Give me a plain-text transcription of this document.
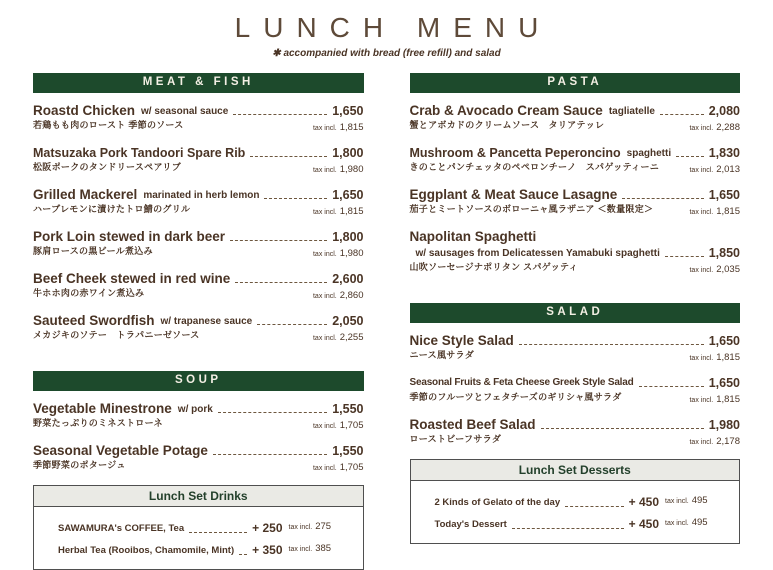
LUNCH MENU
✱ accompanied with bread (free refill) and salad
MEAT & FISH
Roastd Chicken w/ seasonal sauce	1,650
若鶏もも肉のロースト 季節のソース	tax incl. 1,815
Matsuzaka Pork Tandoori Spare Rib	1,800
松阪ポークのタンドリースペアリブ	tax incl. 1,980
Grilled Mackerel marinated in herb lemon	1,650
ハーブレモンに漬けたトロ鯖のグリル	tax incl. 1,815
Pork Loin stewed in dark beer	1,800
豚肩ロースの黒ビール煮込み	tax incl. 1,980
Beef Cheek stewed in red wine	2,600
牛ホホ肉の赤ワイン煮込み	tax incl. 2,860
Sauteed Swordfish w/ trapanese sauce	2,050
メカジキのソテー　トラパニーゼソース	tax incl. 2,255
SOUP
Vegetable Minestrone w/ pork	1,550
野菜たっぷりのミネストローネ	tax incl. 1,705
Seasonal Vegetable Potage	1,550
季節野菜のポタージュ	tax incl. 1,705
Lunch Set Drinks
SAWAMURA's COFFEE, Tea	+ 250 tax incl. 275
Herbal Tea (Rooibos, Chamomile, Mint) + 350 tax incl. 385
PASTA
Crab & Avocado Cream Sauce tagliatelle	2,080
蟹とアボカドのクリームソース　タリアテッレ	tax incl. 2,288
Mushroom & Pancetta Peperoncino spaghetti	1,830
きのことパンチェッタのペペロンチーノ　スパゲッティーニ	tax incl. 2,013
Eggplant & Meat Sauce Lasagne	1,650
茄子とミートソースのボローニャ風ラザニア ＜数量限定＞	tax incl. 1,815
Napolitan Spaghetti
w/ sausages from Delicatessen Yamabuki spaghetti	1,850
山吹ソーセージナポリタン スパゲッティ	tax incl. 2,035
SALAD
Nice Style Salad	1,650
ニース風サラダ	tax incl. 1,815
Seasonal Fruits & Feta Cheese Greek Style Salad	1,650
季節のフルーツとフェタチーズのギリシャ風サラダ	tax incl. 1,815
Roasted Beef Salad	1,980
ローストビーフサラダ	tax incl. 2,178
Lunch Set Desserts
2 Kinds of Gelato of the day	+ 450 tax incl. 495
Today's Dessert	+ 450 tax incl. 495
